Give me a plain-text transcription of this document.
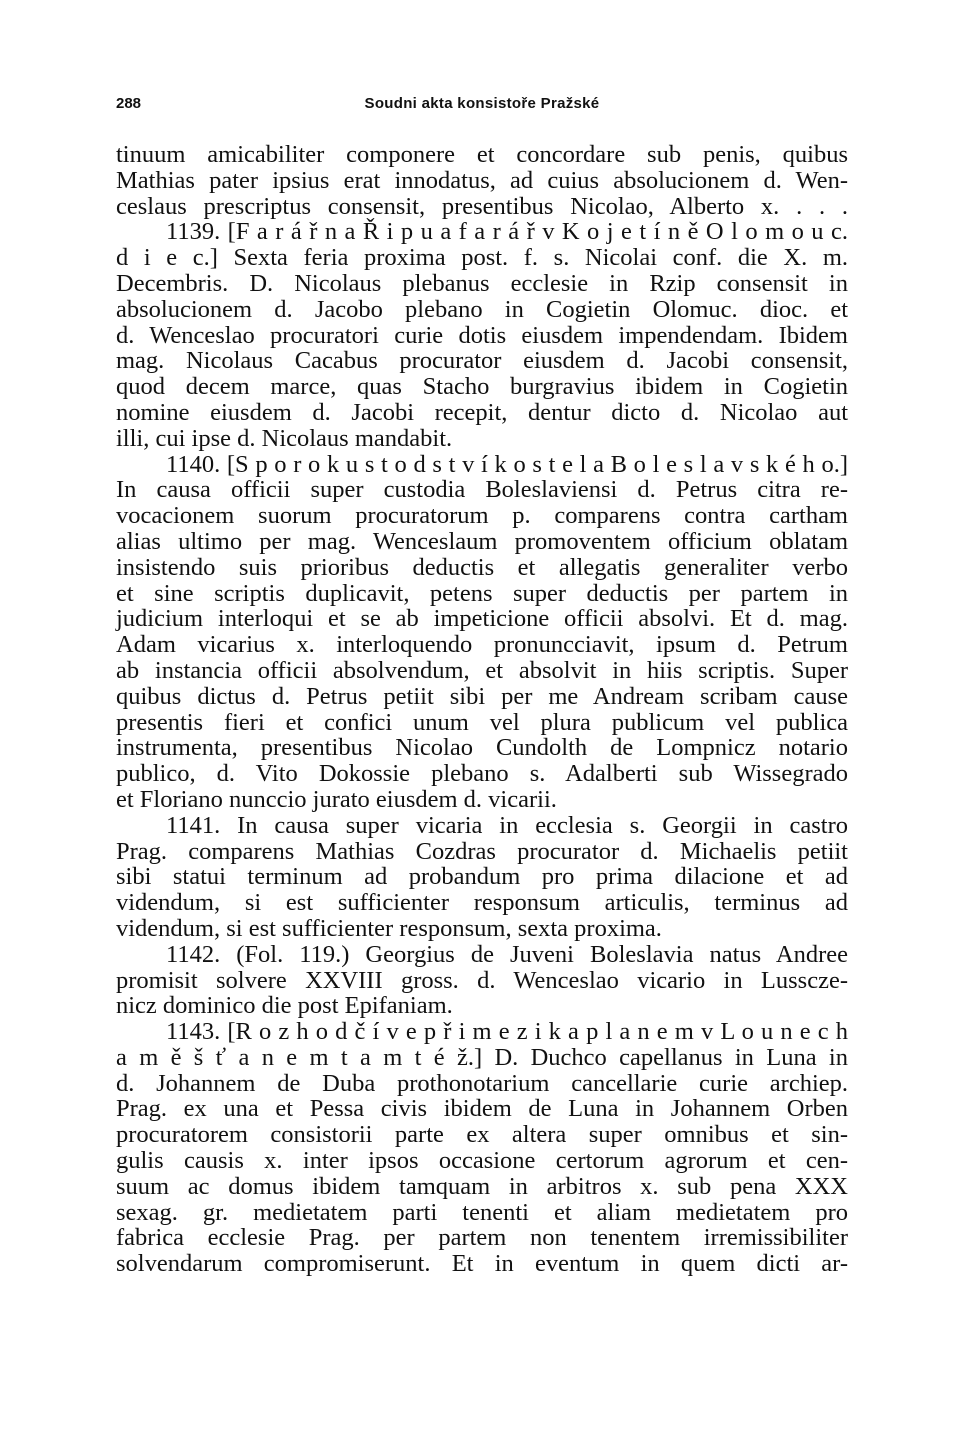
288	Soudni akta konsistoře Pražské
tinuum amicabiliter componere et concordare sub penis, quibus
Mathias pater ipsius erat innodatus, ad cuius absolucionem d. Wen-
ceslaus prescriptus consensit, presentibus Nicolao, Alberto x. . . .
1139. [F a r á ř n a Ř i p u a f a r á ř v K o j e t í n ě O l o m o u c.
d i e c.] Sexta feria proxima post. f. s. Nicolai conf. die X. m.
Decembris. D. Nicolaus plebanus ecclesie in Rzip consensit in
absolucionem d. Jacobo plebano in Cogietin Olomuc. dioc. et
d. Wenceslao procuratori curie dotis eiusdem impendendam. Ibidem
mag. Nicolaus Cacabus procurator eiusdem d. Jacobi consensit,
quod decem marce, quas Stacho burgravius ibidem in Cogietin
nomine eiusdem d. Jacobi recepit, dentur dicto d. Nicolao aut
illi, cui ipse d. Nicolaus mandabit.
1140. [S p o r o k u s t o d s t v í k o s t e l a B o l e s l a v s k é h o.]
In causa officii super custodia Boleslaviensi d. Petrus citra re-
vocacionem suorum procuratorum p. comparens contra cartham
alias ultimo per mag. Wenceslaum promoventem officium oblatam
insistendo suis prioribus deductis et allegatis generaliter verbo
et sine scriptis duplicavit, petens super deductis per partem in
judicium interloqui et se ab impeticione officii absolvi. Et d. mag.
Adam vicarius x. interloquendo pronuncciavit, ipsum d. Petrum
ab instancia officii absolvendum, et absolvit in hiis scriptis. Super
quibus dictus d. Petrus petiit sibi per me Andream scribam cause
presentis fieri et confici unum vel plura publicum vel publica
instrumenta, presentibus Nicolao Cundolth de Lompnicz notario
publico, d. Vito Dokossie plebano s. Adalberti sub Wissegrado
et Floriano nunccio jurato eiusdem d. vicarii.
1141. In causa super vicaria in ecclesia s. Georgii in castro
Prag. comparens Mathias Cozdras procurator d. Michaelis petiit
sibi statui terminum ad probandum pro prima dilacione et ad
videndum, si est sufficienter responsum articulis, terminus ad
videndum, si est sufficienter responsum, sexta proxima.
1142. (Fol. 119.) Georgius de Juveni Boleslavia natus Andree
promisit solvere XXVIII gross. d. Wenceslao vicario in Lussczе-
nicz dominico die post Epifaniam.
1143. [R o z h o d č í v e p ř i m e z i k a p l a n e m v L o u n e c h
a m ě š ť a n e m t a m t é ž.] D. Duchco capellanus in Luna in
d. Johannem de Duba prothonotarium cancellarie curie archiep.
Prag. ex una et Pessa civis ibidem de Luna in Johannem Orben
procuratorem consistorii parte ex altera super omnibus et sin-
gulis causis x. inter ipsos occasione certorum agrorum et cen-
suum ac domus ibidem tamquam in arbitros x. sub pena XXX
sexag. gr. medietatem parti tenenti et aliam medietatem pro
fabrica ecclesie Prag. per partem non tenentem irremissibiliter
solvendarum compromiserunt. Et in eventum in quem dicti ar-
